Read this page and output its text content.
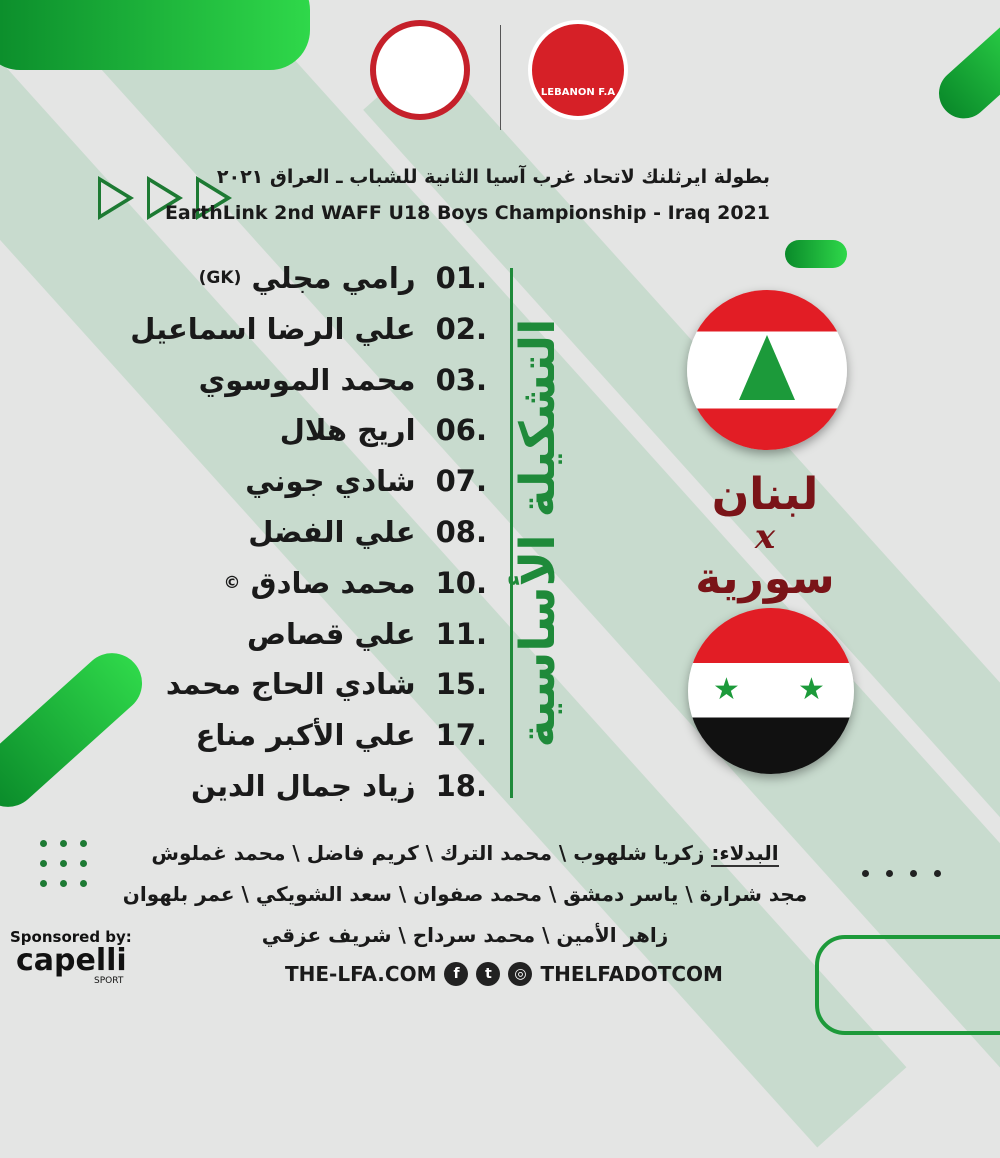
LEBANON F.A
بطولة ايرثلنك لاتحاد غرب آسيا الثانية للشباب ـ العراق ٢٠٢١
EarthLink 2nd WAFF U18 Boys Championship - Iraq 2021
01. رامي مجلي $^{(GK)}$
02. علي الرضا اسماعيل
03. محمد الموسوي
06. اريج هلال
07. شادي جوني
08. علي الفضل
10. محمد صادق ©
11. علي قصاص
15. شادي الحاج محمد
17. علي الأكبر مناع
18. زياد جمال الدين
التشكيلة الأساسية	لبنان
x
سورية
★ ★
البدلاء: زكريا شلهوب \ محمد الترك \ كريم فاضل \ محمد غملوش
مجد شرارة \ ياسر دمشق \ محمد صفوان \ سعد الشويكي \ عمر بلهوان
زاهر الأمين \ محمد سرداح \ شريف عزقي
Sponsored by:
capelli
SPORT	THE-LFA.COM	f	t	◎ THELFADOTCOM
